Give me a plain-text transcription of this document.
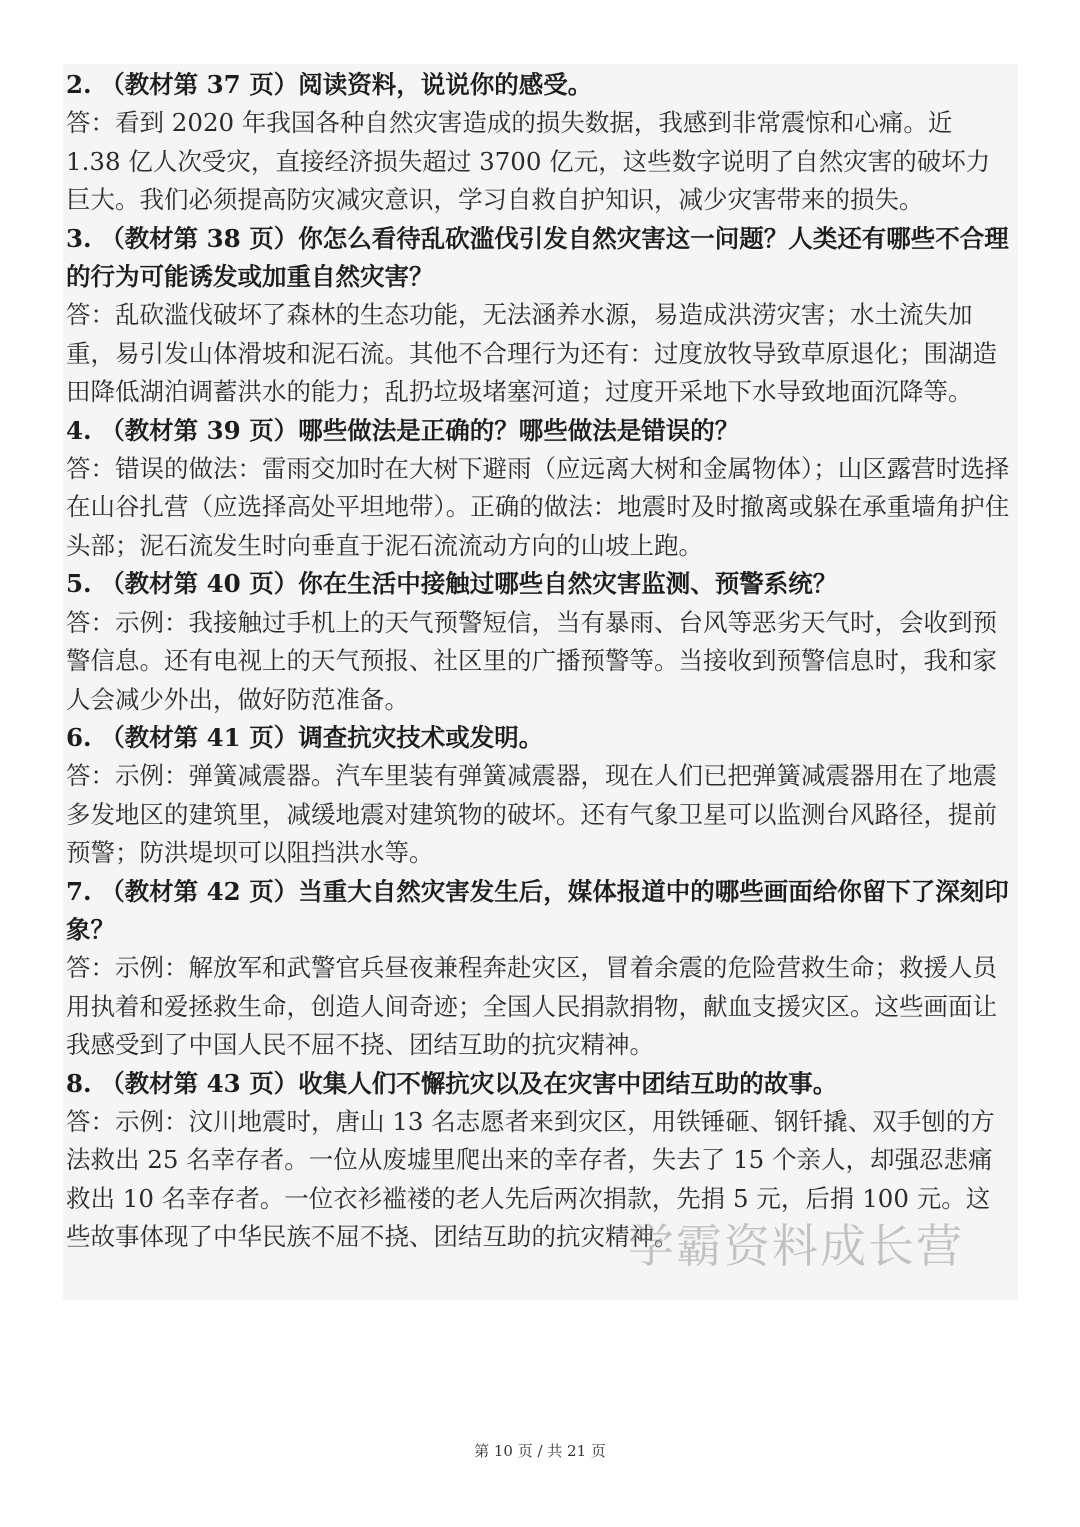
2. （教材第 37 页）阅读资料，说说你的感受。

答：看到 2020 年我国各种自然灾害造成的损失数据，我感到非常震惊和心痛。近 1.38 亿人次受灾，直接经济损失超过 3700 亿元，这些数字说明了自然灾害的破坏力巨大。我们必须提高防灾减灾意识，学习自救自护知识，减少灾害带来的损失。

3. （教材第 38 页）你怎么看待乱砍滥伐引发自然灾害这一问题？人类还有哪些不合理的行为可能诱发或加重自然灾害？

答：乱砍滥伐破坏了森林的生态功能，无法涵养水源，易造成洪涝灾害；水土流失加重，易引发山体滑坡和泥石流。其他不合理行为还有：过度放牧导致草原退化；围湖造田降低湖泊调蓄洪水的能力；乱扔垃圾堵塞河道；过度开采地下水导致地面沉降等。

4. （教材第 39 页）哪些做法是正确的？哪些做法是错误的？

答：错误的做法：雷雨交加时在大树下避雨（应远离大树和金属物体）；山区露营时选择在山谷扎营（应选择高处平坦地带）。正确的做法：地震时及时撤离或躲在承重墙角护住头部；泥石流发生时向垂直于泥石流流动方向的山坡上跑。

5. （教材第 40 页）你在生活中接触过哪些自然灾害监测、预警系统？

答：示例：我接触过手机上的天气预警短信，当有暴雨、台风等恶劣天气时，会收到预警信息。还有电视上的天气预报、社区里的广播预警等。当接收到预警信息时，我和家人会减少外出，做好防范准备。

6. （教材第 41 页）调查抗灾技术或发明。

答：示例：弹簧减震器。汽车里装有弹簧减震器，现在人们已把弹簧减震器用在了地震多发地区的建筑里，减缓地震对建筑物的破坏。还有气象卫星可以监测台风路径，提前预警；防洪堤坝可以阻挡洪水等。

7. （教材第 42 页）当重大自然灾害发生后，媒体报道中的哪些画面给你留下了深刻印象？

答：示例：解放军和武警官兵昼夜兼程奔赴灾区，冒着余震的危险营救生命；救援人员用执着和爱拯救生命，创造人间奇迹；全国人民捐款捐物，献血支援灾区。这些画面让我感受到了中国人民不屈不挠、团结互助的抗灾精神。

8. （教材第 43 页）收集人们不懈抗灾以及在灾害中团结互助的故事。

答：示例：汶川地震时，唐山 13 名志愿者来到灾区，用铁锤砸、钢钎撬、双手刨的方法救出 25 名幸存者。一位从废墟里爬出来的幸存者，失去了 15 个亲人，却强忍悲痛救出 10 名幸存者。一位衣衫褴褛的老人先后两次捐款，先捐 5 元，后捐 100 元。这些故事体现了中华民族不屈不挠、团结互助的抗灾精神。

学霸资料成长营
第 10 页 / 共 21 页
